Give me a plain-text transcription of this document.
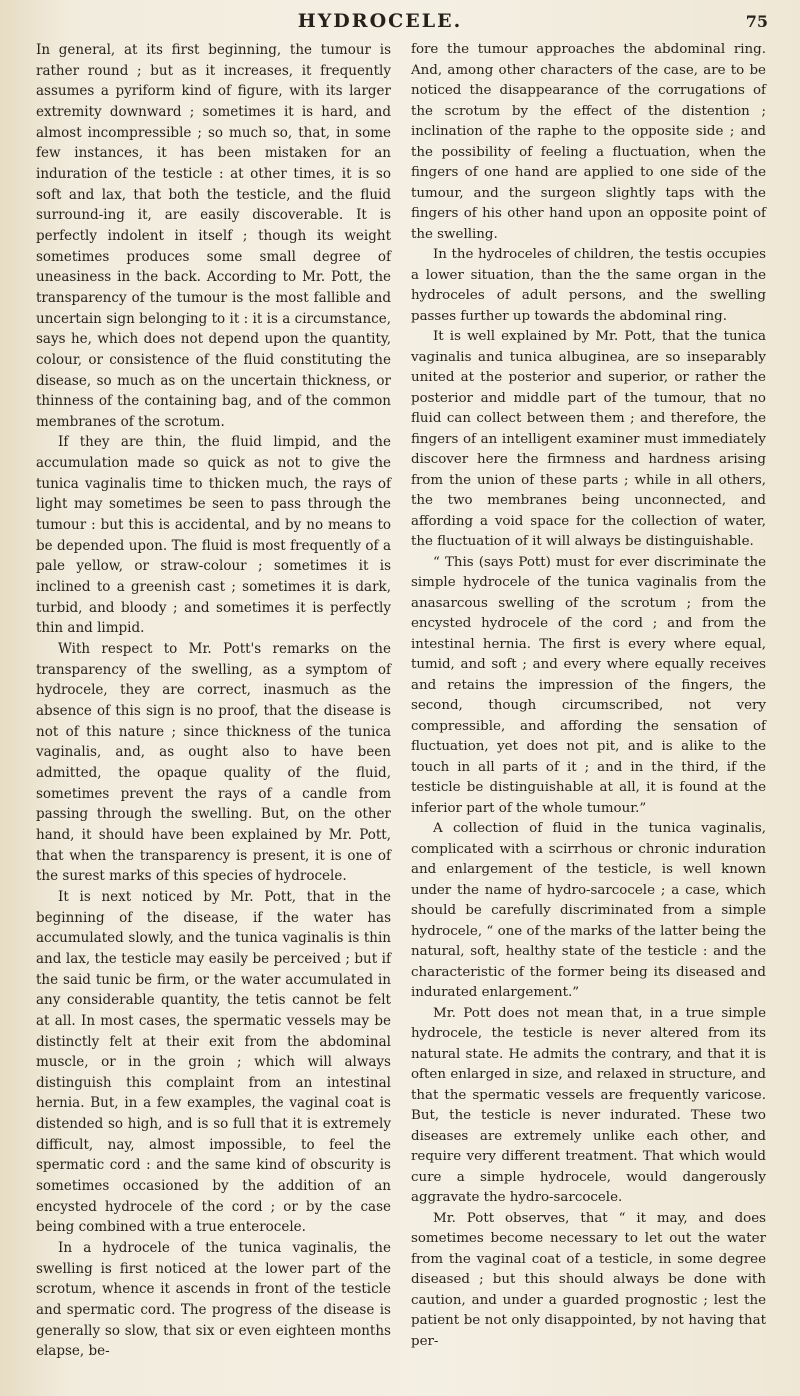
HYDROCELE.	75

In general, at its first beginning, the tumour is rather round ; but as it increases, it frequently assumes a pyriform kind of figure, with its larger extremity downward ; sometimes it is hard, and almost incompressible ; so much so, that, in some few instances, it has been mistaken for an induration of the testicle : at other times, it is so soft and lax, that both the testicle, and the fluid surround-ing it, are easily discoverable. It is perfectly indolent in itself ; though its weight sometimes produces some small degree of uneasiness in the back. According to Mr. Pott, the transparency of the tumour is the most fallible and uncertain sign belonging to it : it is a circumstance, says he, which does not depend upon the quantity, colour, or consistence of the fluid constituting the disease, so much as on the uncertain thickness, or thinness of the containing bag, and of the common membranes of the scrotum.

If they are thin, the fluid limpid, and the accumulation made so quick as not to give the tunica vaginalis time to thicken much, the rays of light may sometimes be seen to pass through the tumour : but this is accidental, and by no means to be depended upon. The fluid is most frequently of a pale yellow, or straw-colour ; sometimes it is inclined to a greenish cast ; sometimes it is dark, turbid, and bloody ; and sometimes it is perfectly thin and limpid.

With respect to Mr. Pott's remarks on the transparency of the swelling, as a symptom of hydrocele, they are correct, inasmuch as the absence of this sign is no proof, that the disease is not of this nature ; since thickness of the tunica vaginalis, and, as ought also to have been admitted, the opaque quality of the fluid, sometimes prevent the rays of a candle from passing through the swelling. But, on the other hand, it should have been explained by Mr. Pott, that when the transparency is present, it is one of the surest marks of this species of hydrocele.

It is next noticed by Mr. Pott, that in the beginning of the disease, if the water has accumulated slowly, and the tunica vaginalis is thin and lax, the testicle may easily be perceived ; but if the said tunic be firm, or the water accumulated in any considerable quantity, the tetis cannot be felt at all. In most cases, the spermatic vessels may be distinctly felt at their exit from the abdominal muscle, or in the groin ; which will always distinguish this complaint from an intestinal hernia. But, in a few examples, the vaginal coat is distended so high, and is so full that it is extremely difficult, nay, almost impossible, to feel the spermatic cord : and the same kind of obscurity is sometimes occasioned by the addition of an encysted hydrocele of the cord ; or by the case being combined with a true enterocele.

In a hydrocele of the tunica vaginalis, the swelling is first noticed at the lower part of the scrotum, whence it ascends in front of the testicle and spermatic cord. The progress of the disease is generally so slow, that six or even eighteen months elapse, be-

fore the tumour approaches the abdominal ring. And, among other characters of the case, are to be noticed the disappearance of the corrugations of the scrotum by the effect of the distention ; inclination of the raphe to the opposite side ; and the possibility of feeling a fluctuation, when the fingers of one hand are applied to one side of the tumour, and the surgeon slightly taps with the fingers of his other hand upon an opposite point of the swelling.

In the hydroceles of children, the testis occupies a lower situation, than the the same organ in the hydroceles of adult persons, and the swelling passes further up towards the abdominal ring.

It is well explained by Mr. Pott, that the tunica vaginalis and tunica albuginea, are so inseparably united at the posterior and superior, or rather the posterior and middle part of the tumour, that no fluid can collect between them ; and therefore, the fingers of an intelligent examiner must immediately discover here the firmness and hardness arising from the union of these parts ; while in all others, the two membranes being unconnected, and affording a void space for the collection of water, the fluctuation of it will always be distinguishable.

“ This (says Pott) must for ever discriminate the simple hydrocele of the tunica vaginalis from the anasarcous swelling of the scrotum ; from the encysted hydrocele of the cord ; and from the intestinal hernia. The first is every where equal, tumid, and soft ; and every where equally receives and retains the impression of the fingers, the second, though circumscribed, not very compressible, and affording the sensation of fluctuation, yet does not pit, and is alike to the touch in all parts of it ; and in the third, if the testicle be distinguishable at all, it is found at the inferior part of the whole tumour.”

A collection of fluid in the tunica vaginalis, complicated with a scirrhous or chronic induration and enlargement of the testicle, is well known under the name of hydro-sarcocele ; a case, which should be carefully discriminated from a simple hydrocele, “ one of the marks of the latter being the natural, soft, healthy state of the testicle : and the characteristic of the former being its diseased and indurated enlargement.”

Mr. Pott does not mean that, in a true simple hydrocele, the testicle is never altered from its natural state. He admits the contrary, and that it is often enlarged in size, and relaxed in structure, and that the spermatic vessels are frequently varicose. But, the testicle is never indurated. These two diseases are extremely unlike each other, and require very different treatment. That which would cure a simple hydrocele, would dangerously aggravate the hydro-sarcocele.

Mr. Pott observes, that “ it may, and does sometimes become necessary to let out the water from the vaginal coat of a testicle, in some degree diseased ; but this should always be done with caution, and under a guarded prognostic ; lest the patient be not only disappointed, by not having that per-
